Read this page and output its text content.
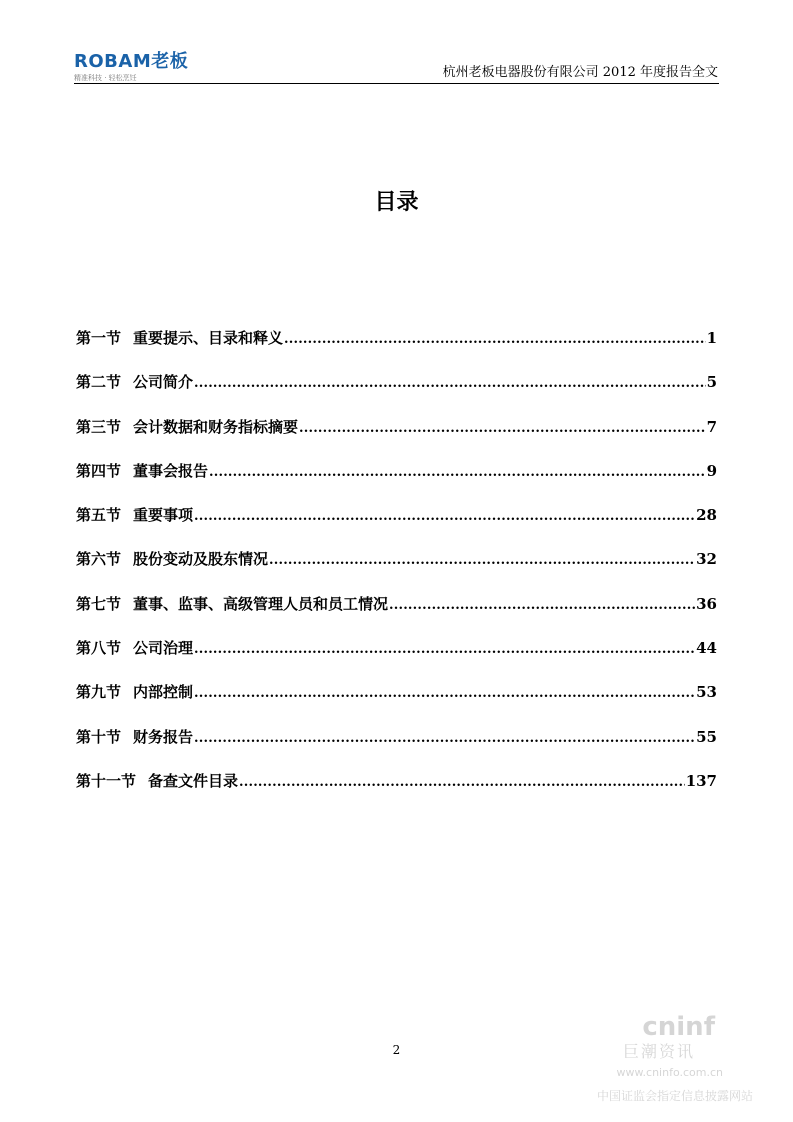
ROBAM老板
精准科技 · 轻松烹饪	杭州老板电器股份有限公司 2012 年度报告全文
目录
第一节 重要提示、目录和释义 .....	1
第二节 公司简介 .....	5
第三节 会计数据和财务指标摘要 .....	7
第四节 董事会报告 .....	9
第五节 重要事项 .....	28
第六节 股份变动及股东情况 .....	32
第七节 董事、监事、高级管理人员和员工情况 .....	36
第八节 公司治理 .....	44
第九节 内部控制 .....	53
第十节 财务报告 .....	55
第十一节 备查文件目录 .....	137
2
cninf
巨潮资讯
www.cninfo.com.cn
中国证监会指定信息披露网站
